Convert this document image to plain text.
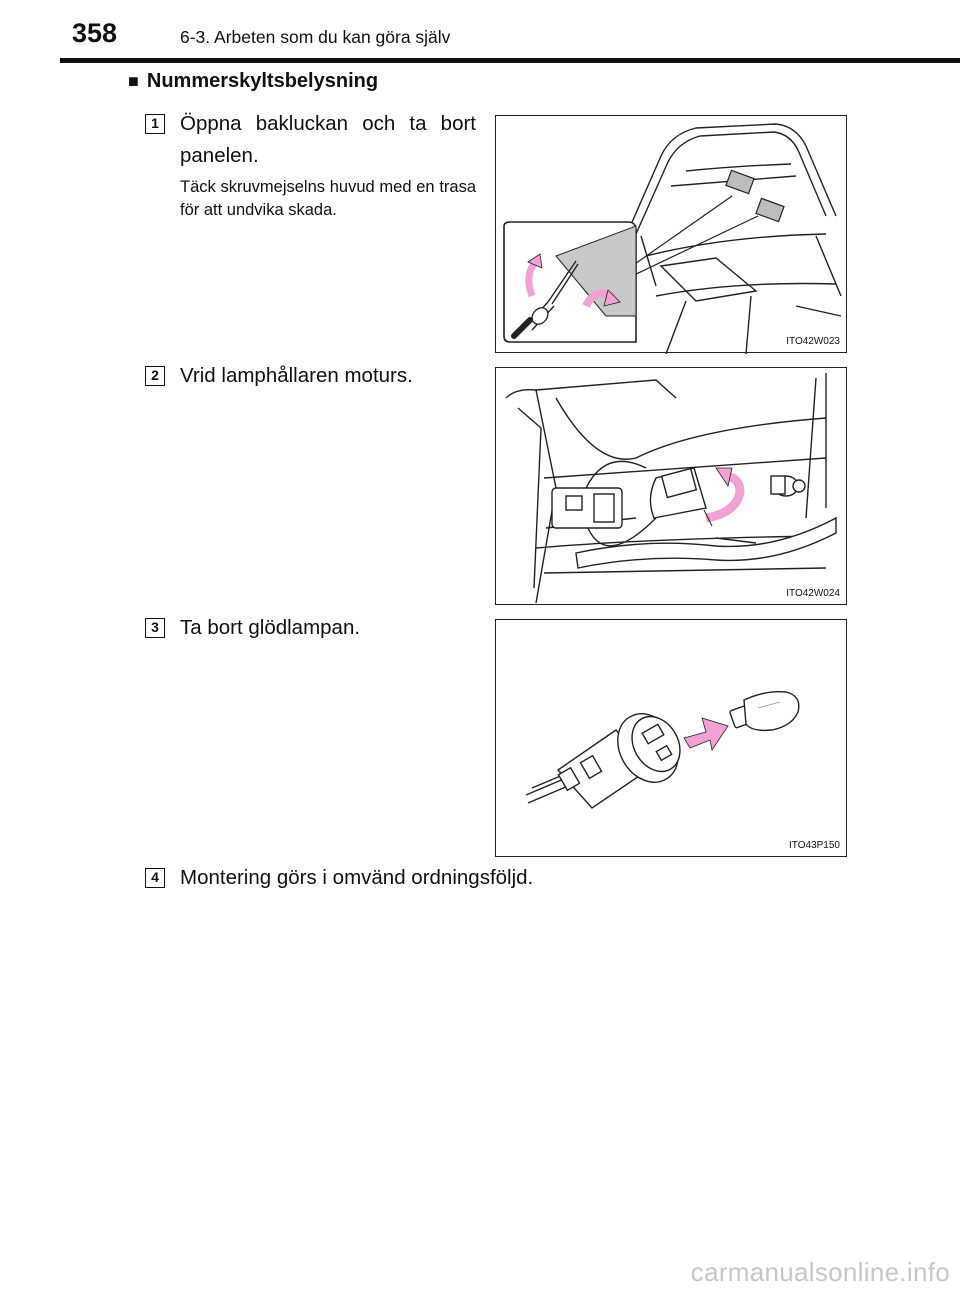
358	6-3. Arbeten som du kan göra själv
■ Nummerskyltsbelysning
1 Öppna bakluckan och ta bort panelen.
Täck skruvmejselns huvud med en trasa för att undvika skada.
ITO42W023
2 Vrid lamphållaren moturs.
ITO42W024
3 Ta bort glödlampan.
ITO43P150
4 Montering görs i omvänd ordningsföljd.
carmanualsonline.info
